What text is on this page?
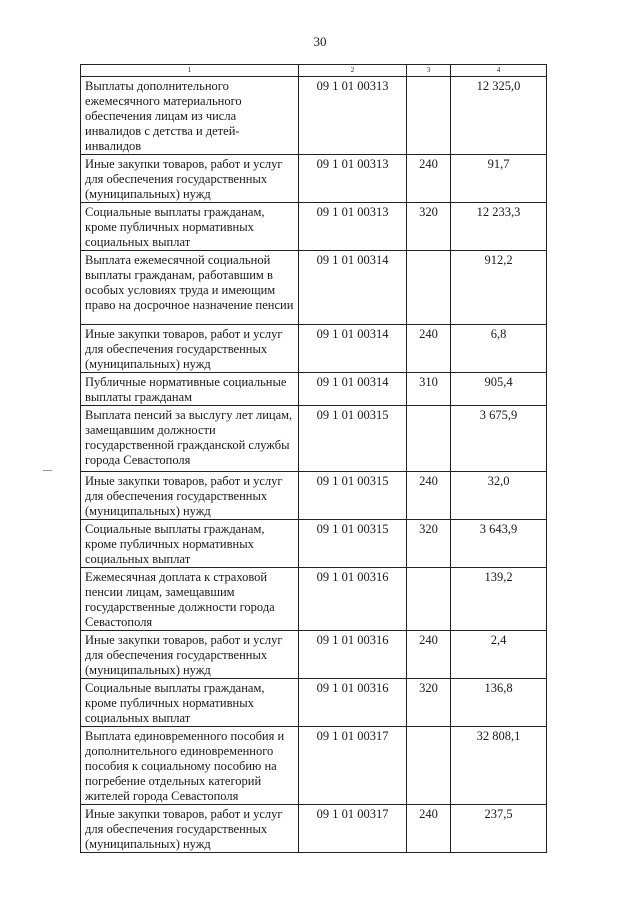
30
1	2	3	4
Выплаты дополнительного ежемесячного материального обеспечения лицам из числа инвалидов с детства и детей-инвалидов	09 1 01 00313		12 325,0
Иные закупки товаров, работ и услуг для обеспечения государственных (муниципальных) нужд	09 1 01 00313	240	91,7
Социальные выплаты гражданам, кроме публичных нормативных социальных выплат	09 1 01 00313	320	12 233,3
Выплата ежемесячной социальной выплаты гражданам, работавшим в особых условиях труда и имеющим право на досрочное назначение пенсии	09 1 01 00314		912,2
Иные закупки товаров, работ и услуг для обеспечения государственных (муниципальных) нужд	09 1 01 00314	240	6,8
Публичные нормативные социальные выплаты гражданам	09 1 01 00314	310	905,4
Выплата пенсий за выслугу лет лицам, замещавшим должности государственной гражданской службы города Севастополя	09 1 01 00315		3 675,9
Иные закупки товаров, работ и услуг для обеспечения государственных (муниципальных) нужд	09 1 01 00315	240	32,0
Социальные выплаты гражданам, кроме публичных нормативных социальных выплат	09 1 01 00315	320	3 643,9
Ежемесячная доплата к страховой пенсии лицам, замещавшим государственные должности города Севастополя	09 1 01 00316		139,2
Иные закупки товаров, работ и услуг для обеспечения государственных (муниципальных) нужд	09 1 01 00316	240	2,4
Социальные выплаты гражданам, кроме публичных нормативных социальных выплат	09 1 01 00316	320	136,8
Выплата единовременного пособия и дополнительного единовременного пособия к социальному пособию на погребение отдельных категорий жителей города Севастополя	09 1 01 00317		32 808,1
Иные закупки товаров, работ и услуг для обеспечения государственных (муниципальных) нужд	09 1 01 00317	240	237,5
